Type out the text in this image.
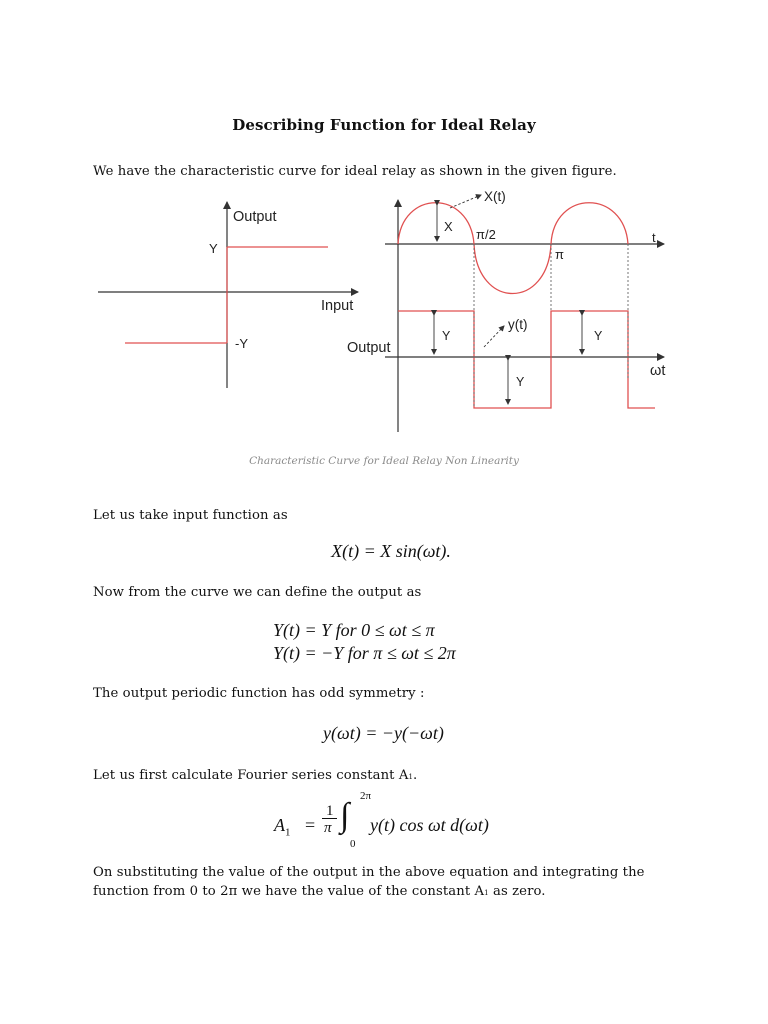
Describing Function for Ideal Relay
We have the characteristic curve for ideal relay as shown in the given figure.
Output
Input
Y
-Y
X(t)
X
π/2
π
t
y(t)
Output
Y
Y
Y
ωt
Characteristic Curve for Ideal Relay Non Linearity
Let us take input function as
X(t) = X sin(ωt).
Now from the curve we can define the output as
Y(t) = Y for 0 ≤ ωt ≤ π
Y(t) = −Y for π ≤ ωt ≤ 2π
The output periodic function has odd symmetry :
y(ωt) = −y(−ωt)
Let us first calculate Fourier series constant A1.
$A_1$ =
1
π ∫
2π
0
y(t) cos ωt d(ωt)
On substituting the value of the output in the above equation and integrating the
function from 0 to 2π we have the value of the constant A1 as zero.
